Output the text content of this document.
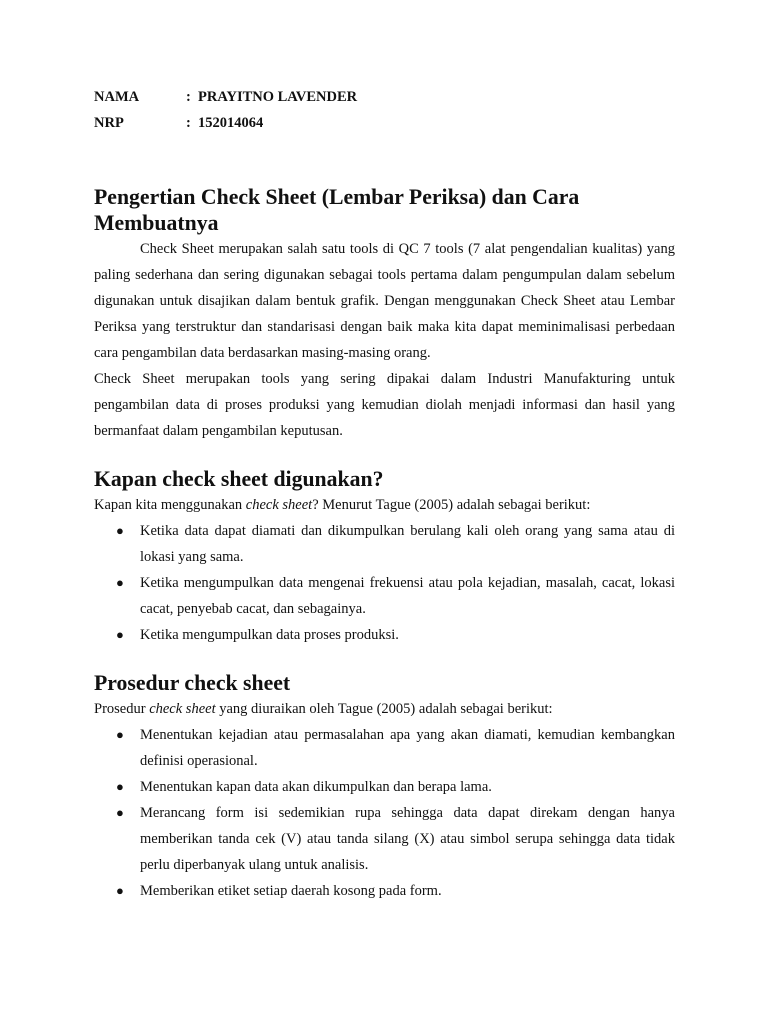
NAMA	: PRAYITNO LAVENDER
NRP	: 152014064
Pengertian Check Sheet (Lembar Periksa) dan Cara Membuatnya

Check Sheet merupakan salah satu tools di QC 7 tools (7 alat pengendalian kualitas) yang paling sederhana dan sering digunakan sebagai tools pertama dalam pengumpulan dalam sebelum digunakan untuk disajikan dalam bentuk grafik. Dengan menggunakan Check Sheet atau Lembar Periksa yang terstruktur dan standarisasi dengan baik maka kita dapat meminimalisasi perbedaan cara pengambilan data berdasarkan masing-masing orang.

Check Sheet merupakan tools yang sering dipakai dalam Industri Manufakturing untuk pengambilan data di proses produksi yang kemudian diolah menjadi informasi dan hasil yang bermanfaat dalam pengambilan keputusan.

Kapan check sheet digunakan?

Kapan kita menggunakan check sheet? Menurut Tague (2005) adalah sebagai berikut:

● Ketika data dapat diamati dan dikumpulkan berulang kali oleh orang yang sama atau di lokasi yang sama.
● Ketika mengumpulkan data mengenai frekuensi atau pola kejadian, masalah, cacat, lokasi cacat, penyebab cacat, dan sebagainya.
● Ketika mengumpulkan data proses produksi.
Prosedur check sheet

Prosedur check sheet yang diuraikan oleh Tague (2005) adalah sebagai berikut:

● Menentukan kejadian atau permasalahan apa yang akan diamati, kemudian kembangkan definisi operasional.
● Menentukan kapan data akan dikumpulkan dan berapa lama.
● Merancang form isi sedemikian rupa sehingga data dapat direkam dengan hanya memberikan tanda cek (V) atau tanda silang (X) atau simbol serupa sehingga data tidak perlu diperbanyak ulang untuk analisis.
● Memberikan etiket setiap daerah kosong pada form.
